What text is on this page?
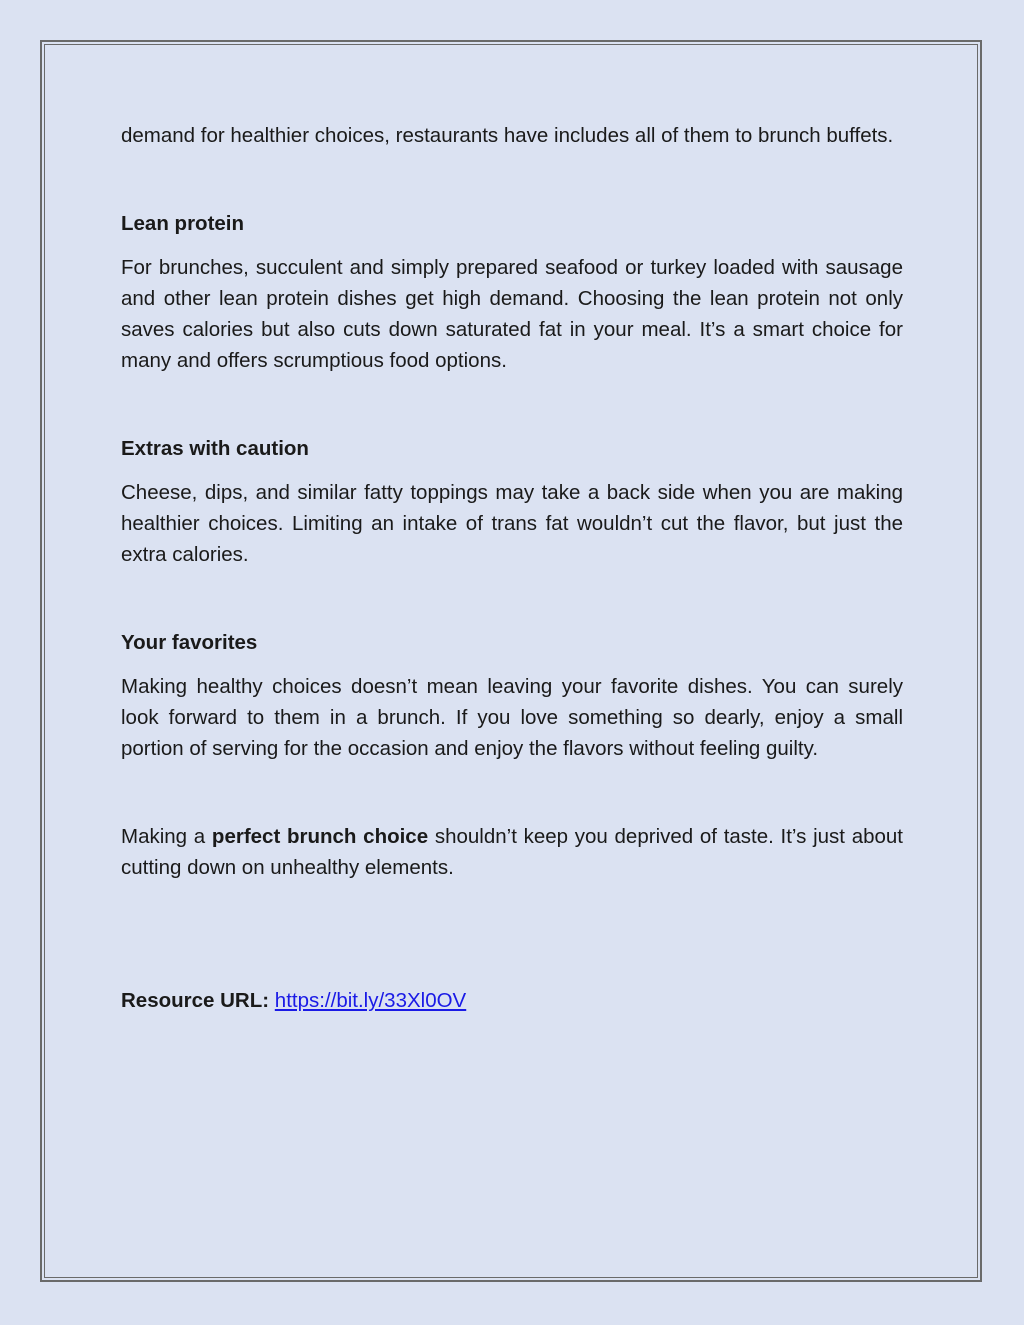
demand for healthier choices, restaurants have includes all of them to brunch buffets.

Lean protein

For brunches, succulent and simply prepared seafood or turkey loaded with sausage and other lean protein dishes get high demand. Choosing the lean protein not only saves calories but also cuts down saturated fat in your meal. It’s a smart choice for many and offers scrumptious food options.

Extras with caution

Cheese, dips, and similar fatty toppings may take a back side when you are making healthier choices. Limiting an intake of trans fat wouldn’t cut the flavor, but just the extra calories.

Your favorites

Making healthy choices doesn’t mean leaving your favorite dishes. You can surely look forward to them in a brunch. If you love something so dearly, enjoy a small portion of serving for the occasion and enjoy the flavors without feeling guilty.

Making a perfect brunch choice shouldn’t keep you deprived of taste. It’s just about cutting down on unhealthy elements.

Resource URL: https://bit.ly/33Xl0OV
